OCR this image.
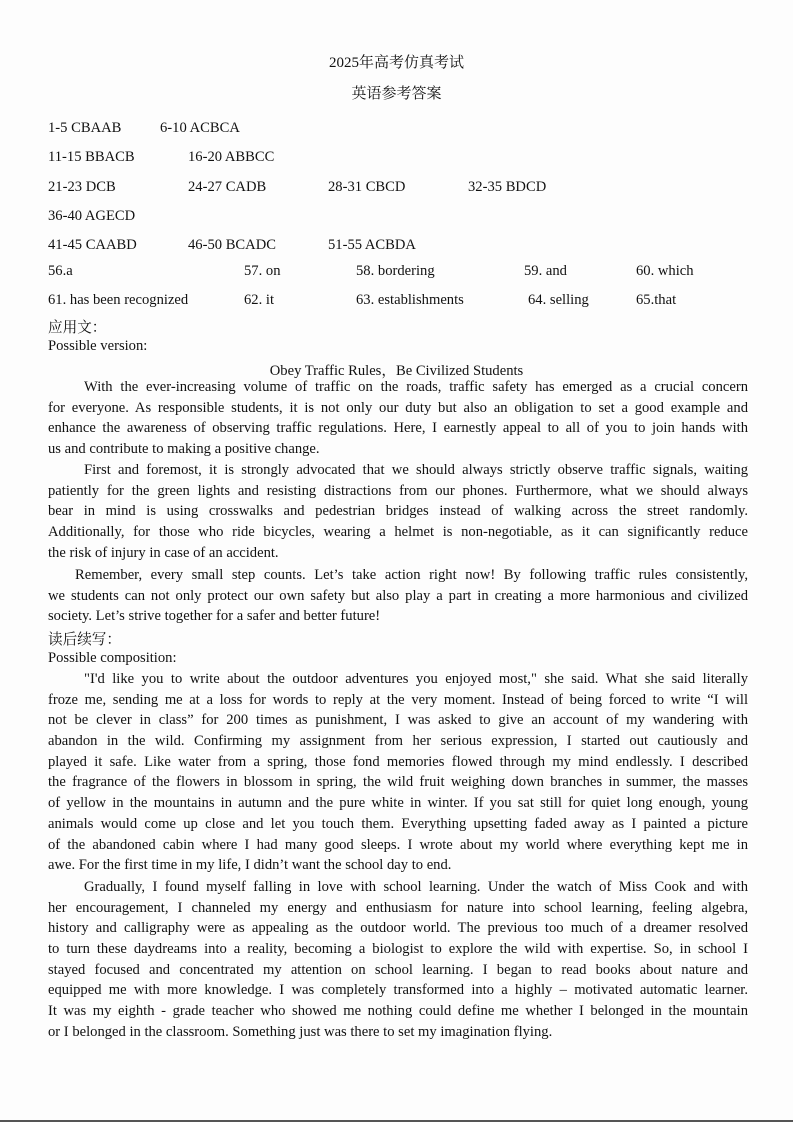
2025年高考仿真考试
英语参考答案
1-5 CBAAB	6-10 ACBCA
11-15 BBACB	16-20 ABBCC
21-23 DCB	24-27 CADB	28-31 CBCD	32-35 BDCD
36-40 AGECD
41-45 CAABD	46-50 BCADC	51-55 ACBDA
56.a	57. on	58. bordering	59. and	60. which
61. has been recognized	62. it	63. establishments	64. selling	65.that
应用文：
Possible version:
Obey Traffic Rules，Be Civilized Students
With the ever-increasing volume of traffic on the roads, traffic safety has emerged as a crucial concern
for everyone. As responsible students, it is not only our duty but also an obligation to set a good example and
enhance the awareness of observing traffic regulations. Here, I earnestly appeal to all of you to join hands with
us and contribute to making a positive change.
First and foremost, it is strongly advocated that we should always strictly observe traffic signals, waiting
patiently for the green lights and resisting distractions from our phones. Furthermore, what we should always
bear in mind is using crosswalks and pedestrian bridges instead of walking across the street randomly.
Additionally, for those who ride bicycles, wearing a helmet is non-negotiable, as it can significantly reduce
the risk of injury in case of an accident.
Remember, every small step counts. Let’s take action right now! By following traffic rules consistently,
we students can not only protect our own safety but also play a part in creating a more harmonious and civilized
society. Let’s strive together for a safer and better future!
读后续写：
Possible composition:
"I'd like you to write about the outdoor adventures you enjoyed most," she said. What she said literally
froze me, sending me at a loss for words to reply at the very moment. Instead of being forced to write “I will
not be clever in class” for 200 times as punishment, I was asked to give an account of my wandering with
abandon in the wild. Confirming my assignment from her serious expression, I started out cautiously and
played it safe. Like water from a spring, those fond memories flowed through my mind endlessly. I described
the fragrance of the flowers in blossom in spring, the wild fruit weighing down branches in summer, the masses
of yellow in the mountains in autumn and the pure white in winter. If you sat still for quiet long enough, young
animals would come up close and let you touch them. Everything upsetting faded away as I painted a picture
of the abandoned cabin where I had many good sleeps. I wrote about my world where everything kept me in
awe. For the first time in my life, I didn’t want the school day to end.
Gradually, I found myself falling in love with school learning. Under the watch of Miss Cook and with
her encouragement, I channeled my energy and enthusiasm for nature into school learning, feeling algebra,
history and calligraphy were as appealing as the outdoor world. The previous too much of a dreamer resolved
to turn these daydreams into a reality, becoming a biologist to explore the wild with expertise. So, in school I
stayed focused and concentrated my attention on school learning. I began to read books about nature and
equipped me with more knowledge. I was completely transformed into a highly – motivated automatic learner.
It was my eighth - grade teacher who showed me nothing could define me whether I belonged in the mountain
or I belonged in the classroom. Something just was there to set my imagination flying.
